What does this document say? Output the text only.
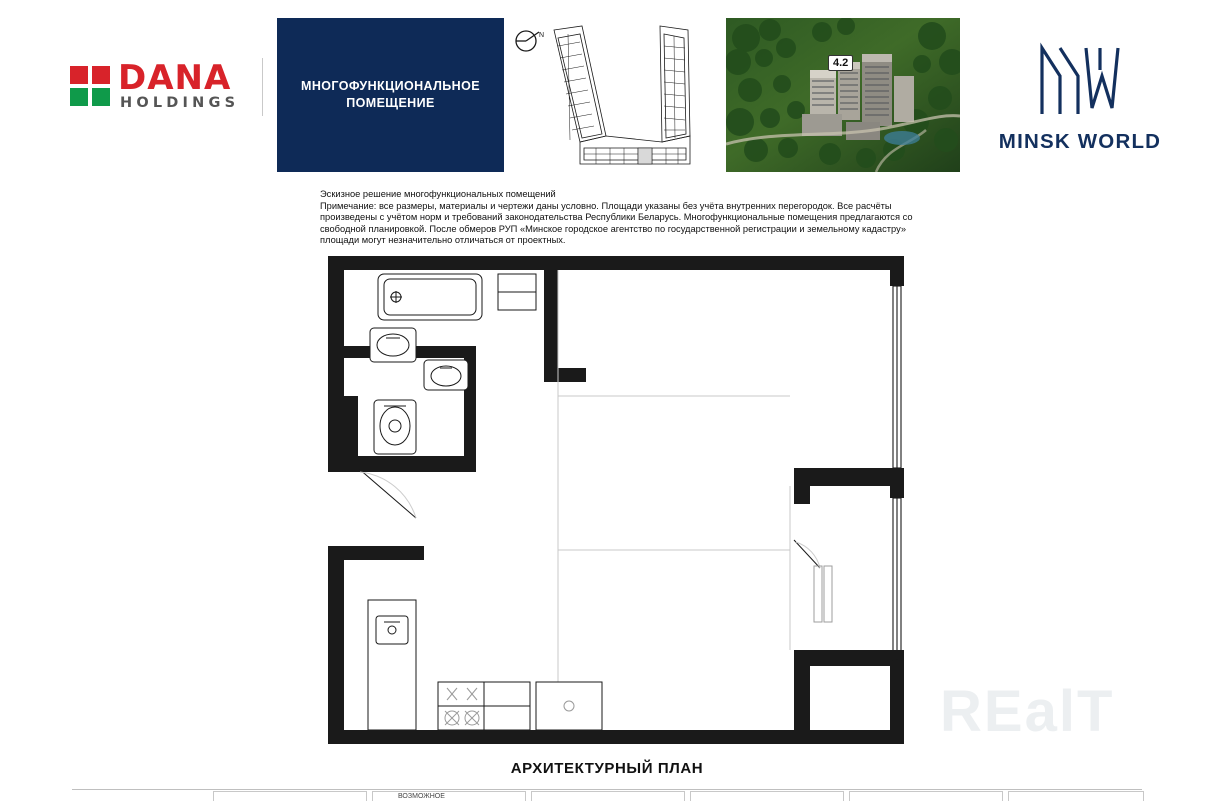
DANA
HOLDINGS
МНОГОФУНКЦИОНАЛЬНОЕ
ПОМЕЩЕНИЕ
N
4.2
MINSK WORLD
Эскизное решение многофункциональных помещений
Примечание: все размеры, материалы и чертежи даны условно. Площади указаны без учёта внутренних перегородок. Все расчёты произведены с учётом норм и требований законодательства Республики Беларусь. Многофункциональные помещения предлагаются со свободной планировкой. После обмеров РУП «Минское городское агентство по государственной регистрации и земельному кадастру» площади могут незначительно отличаться от проектных.
REalT
АРХИТЕКТУРНЫЙ ПЛАН
ВОЗМОЖНОЕ
